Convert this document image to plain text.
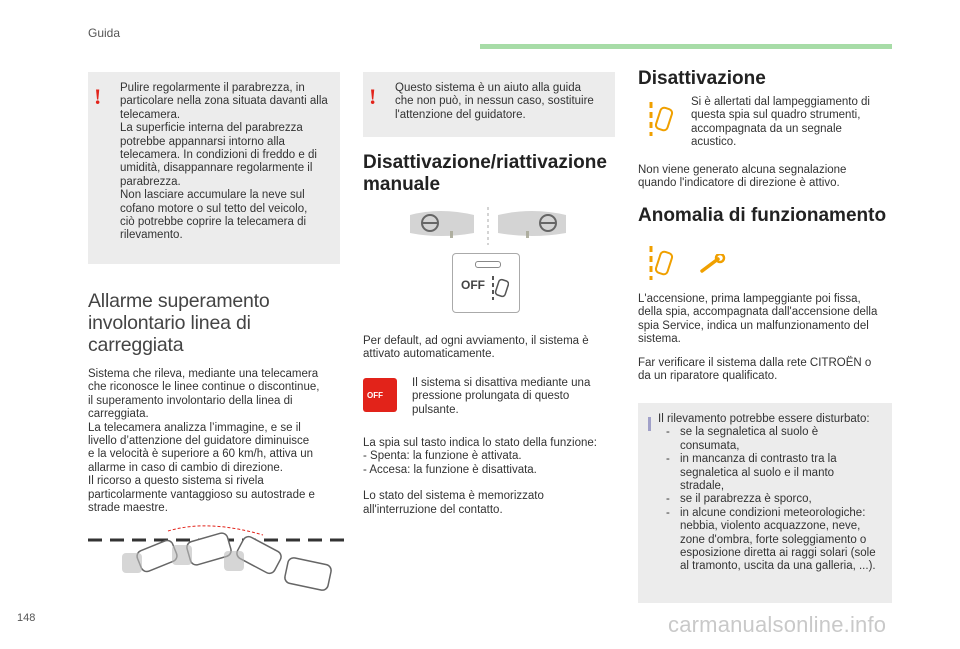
Guida
!	Pulire regolarmente il parabrezza, in
particolare nella zona situata davanti alla
telecamera.
La superficie interna del parabrezza
potrebbe appannarsi intorno alla
telecamera. In condizioni di freddo e di
umidità, disappannare regolarmente il
parabrezza.
Non lasciare accumulare la neve sul
cofano motore o sul tetto del veicolo,
ciò potrebbe coprire la telecamera di
rilevamento.

Allarme superamento
involontario linea di carreggiata

Sistema che rileva, mediante una telecamera
che riconosce le linee continue o discontinue,
il superamento involontario della linea di
carreggiata.
La telecamera analizza l’immagine, e se il
livello d’attenzione del guidatore diminuisce
e la velocità è superiore a 60 km/h, attiva un
allarme in caso di cambio di direzione.
Il ricorso a questo sistema si rivela
particolarmente vantaggioso su autostrade e
strade maestre.

!	Questo sistema è un aiuto alla guida
che non può, in nessun caso, sostituire
l'attenzione del guidatore.

Disattivazione/riattivazione
manuale
OFF

Per default, ad ogni avviamento, il sistema è
attivato automaticamente.

OFF

Il sistema si disattiva mediante una
pressione prolungata di questo
pulsante.

La spia sul tasto indica lo stato della funzione:

- Spenta: la funzione è attivata.
- Accesa: la funzione è disattivata.

Lo stato del sistema è memorizzato
all'interruzione del contatto.

Disattivazione

Si è allertati dal lampeggiamento di
questa spia sul quadro strumenti,
accompagnata da un segnale
acustico.

Non viene generato alcuna segnalazione
quando l'indicatore di direzione è attivo.

Anomalia di funzionamento

L'accensione, prima lampeggiante poi fissa,
della spia, accompagnata dall'accensione della
spia Service, indica un malfunzionamento del
sistema.

Far verificare il sistema dalla rete CITROËN o
da un riparatore qualificato.

Il rilevamento potrebbe essere disturbato:

- se la segnaletica al suolo è
consumata,
- in mancanza di contrasto tra la
segnaletica al suolo e il manto
stradale,
- se il parabrezza è sporco,
- in alcune condizioni meteorologiche:
nebbia, violento acquazzone, neve,
zone d'ombra, forte soleggiamento o
esposizione diretta ai raggi solari (sole
al tramonto, uscita da una galleria, ...).
148	carmanualsonline.info
